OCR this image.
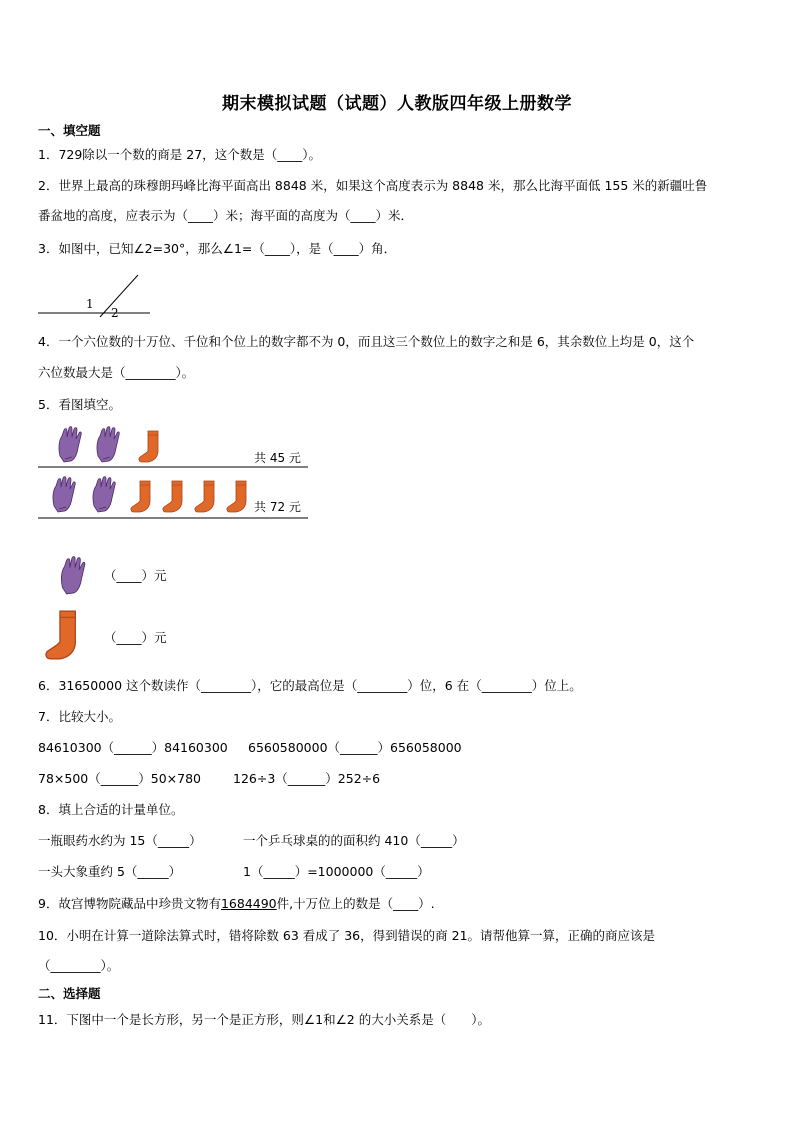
期末模拟试题（试题）人教版四年级上册数学
一、填空题
1．729除以一个数的商是 27，这个数是（____）。
2．世界上最高的珠穆朗玛峰比海平面高出 8848 米，如果这个高度表示为 8848 米，那么比海平面低 155 米的新疆吐鲁
番盆地的高度，应表示为（____）米；海平面的高度为（____）米．
3．如图中，已知∠2=30°，那么∠1=（____），是（____）角．
1
2
4．一个六位数的十万位、千位和个位上的数字都不为 0，而且这三个数位上的数字之和是 6，其余数位上均是 0，这个
六位数最大是（________）。
5．看图填空。
共 45 元
共 72 元
（____）元
（____）元
6．31650000 这个数读作（________），它的最高位是（________）位，6 在（________）位上。
7．比较大小。
84610300（______）84160300 6560580000（______）656058000
78×500（______）50×780	126÷3（______）252÷6
8．填上合适的计量单位。
一瓶眼药水约为 15（_____）	一个乒乓球桌的的面积约 410（_____）
一头大象重约 5（_____）	1（_____）=1000000（_____）
9．故宫博物院藏品中珍贵文物有1684490件,十万位上的数是（____）.
10．小明在计算一道除法算式时，错将除数 63 看成了 36，得到错误的商 21。请帮他算一算，正确的商应该是
（________）。
二、选择题
11．下图中一个是长方形，另一个是正方形，则∠1和∠2 的大小关系是（　　）。
